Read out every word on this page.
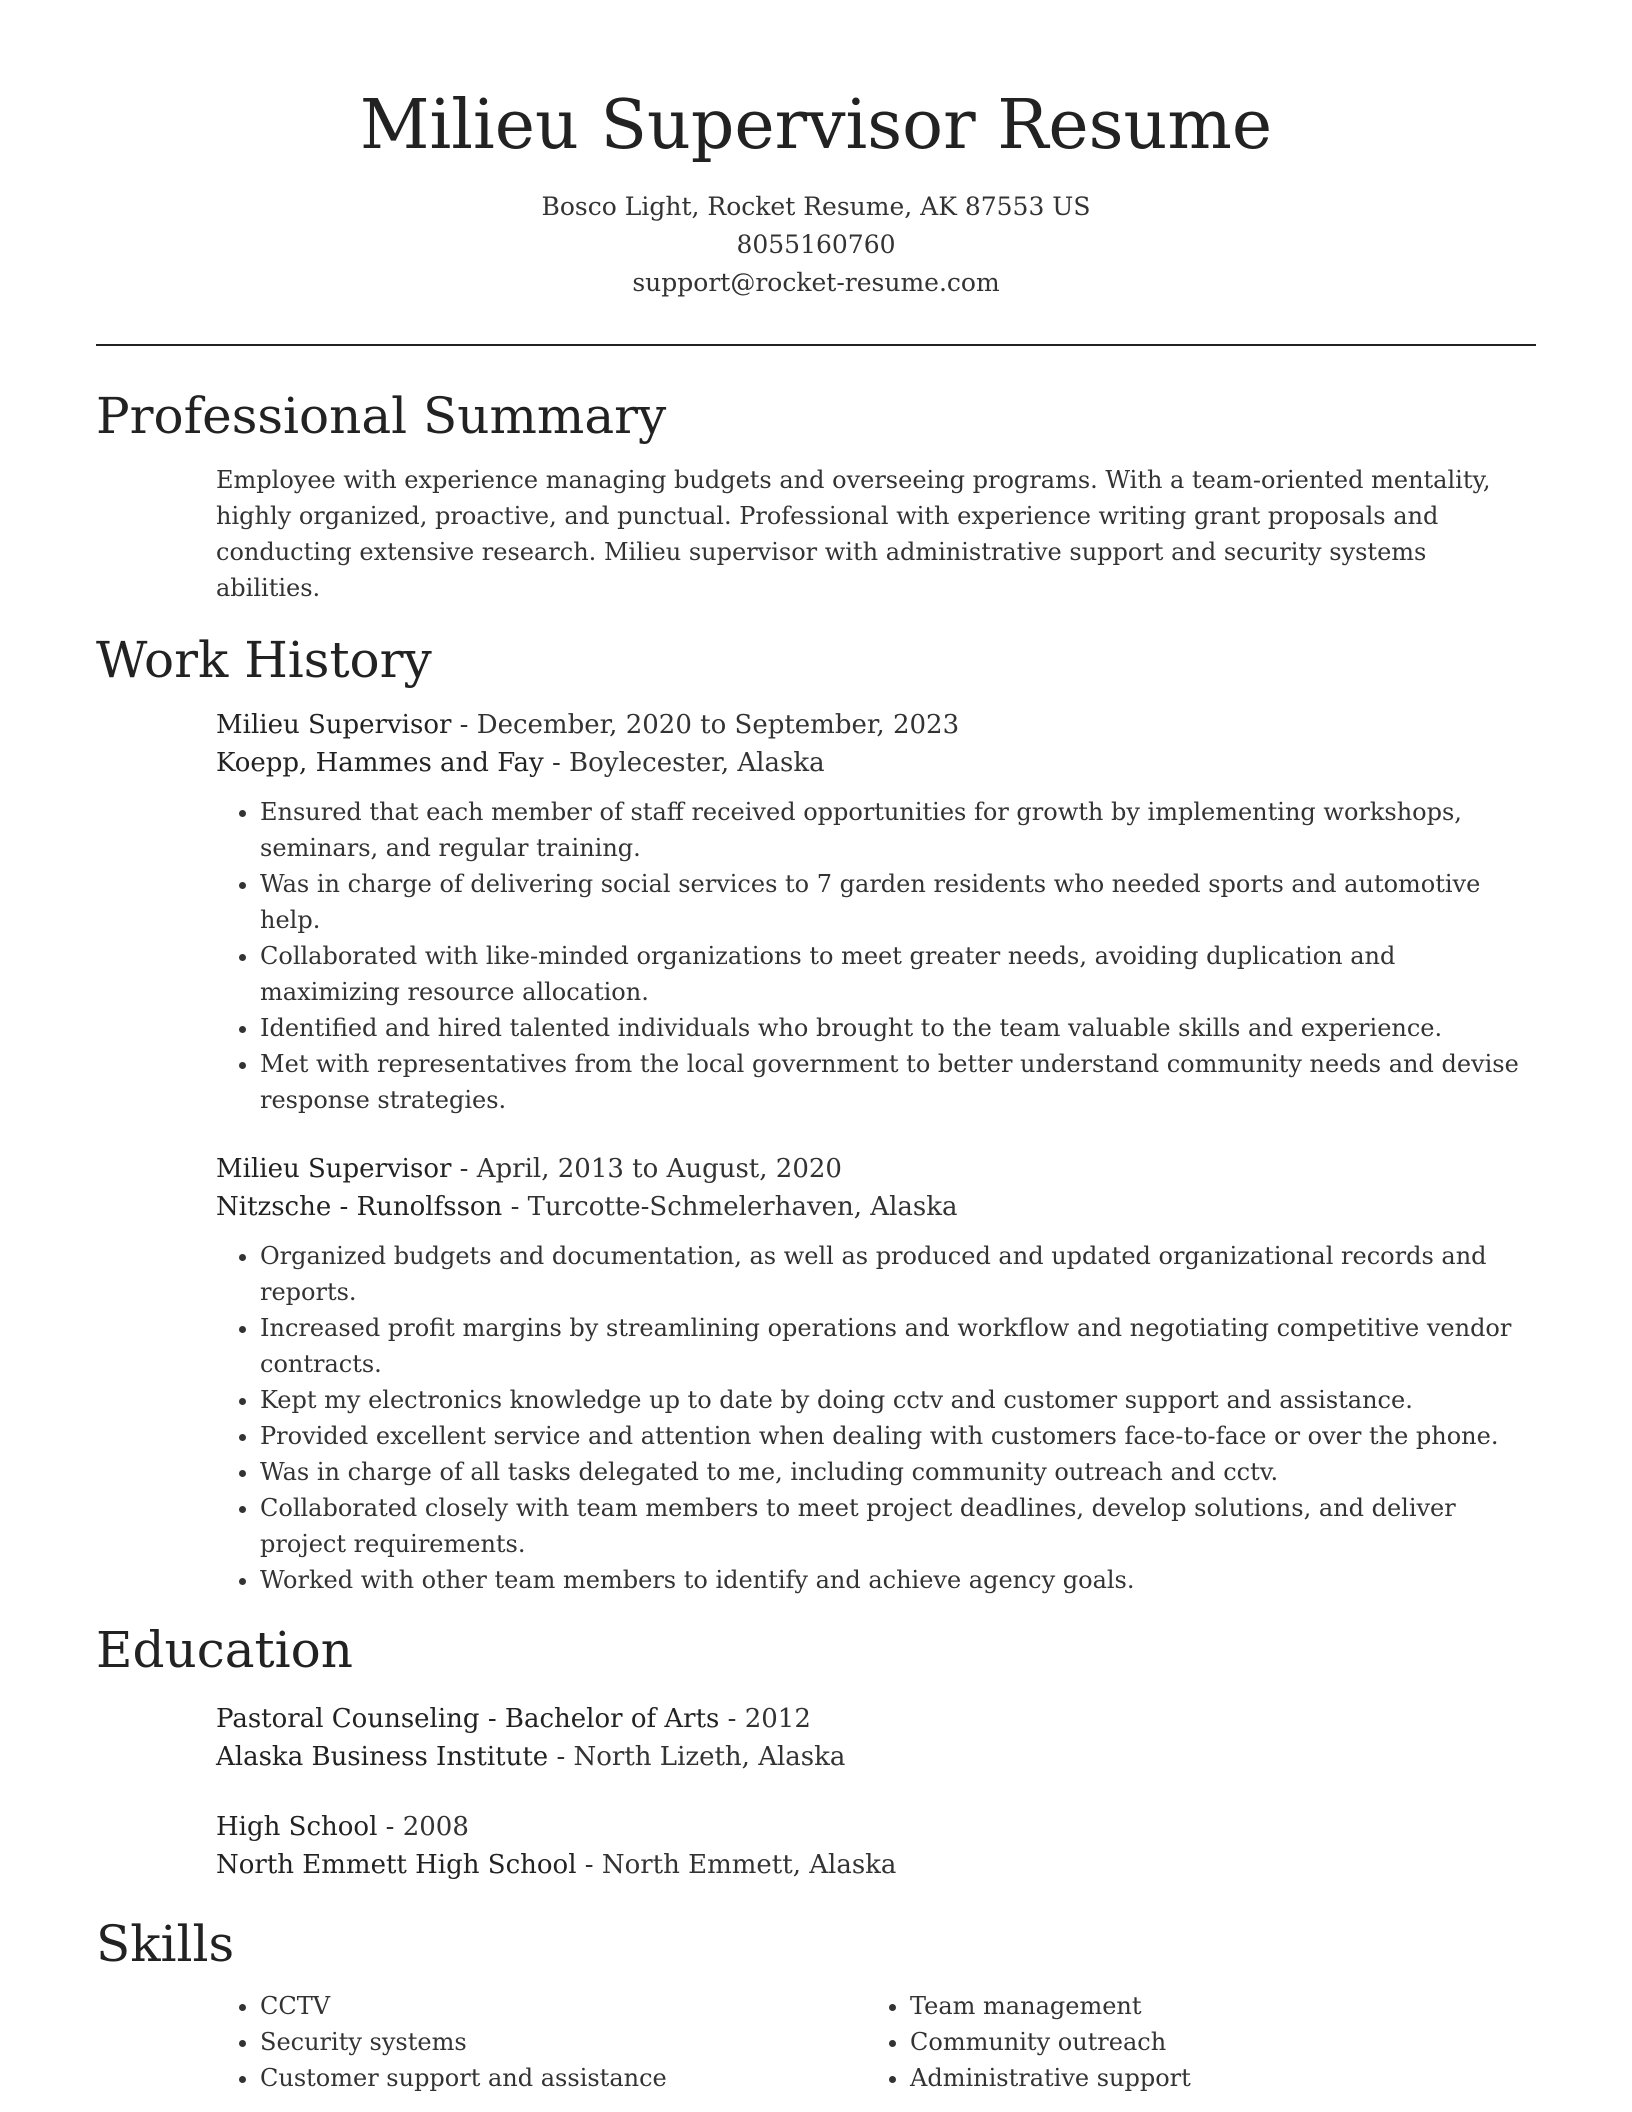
Milieu Supervisor Resume
Bosco Light, Rocket Resume, AK 87553 US
8055160760
support@rocket-resume.com
Professional Summary

Employee with experience managing budgets and overseeing programs. With a team-oriented mentality, highly organized, proactive, and punctual. Professional with experience writing grant proposals and conducting extensive research. Milieu supervisor with administrative support and security systems abilities.

Work History
Milieu Supervisor - December, 2020 to September, 2023
Koepp, Hammes and Fay - Boylecester, Alaska
• Ensured that each member of staff received opportunities for growth by implementing workshops, seminars, and regular training.
• Was in charge of delivering social services to 7 garden residents who needed sports and automotive help.
• Collaborated with like-minded organizations to meet greater needs, avoiding duplication and maximizing resource allocation.
• Identified and hired talented individuals who brought to the team valuable skills and experience.
• Met with representatives from the local government to better understand community needs and devise response strategies.
Milieu Supervisor - April, 2013 to August, 2020
Nitzsche - Runolfsson - Turcotte-Schmelerhaven, Alaska
• Organized budgets and documentation, as well as produced and updated organizational records and reports.
• Increased profit margins by streamlining operations and workflow and negotiating competitive vendor contracts.
• Kept my electronics knowledge up to date by doing cctv and customer support and assistance.
• Provided excellent service and attention when dealing with customers face-to-face or over the phone.
• Was in charge of all tasks delegated to me, including community outreach and cctv.
• Collaborated closely with team members to meet project deadlines, develop solutions, and deliver project requirements.
• Worked with other team members to identify and achieve agency goals.
Education
Pastoral Counseling - Bachelor of Arts - 2012
Alaska Business Institute - North Lizeth, Alaska
High School - 2008
North Emmett High School - North Emmett, Alaska
Skills
• CCTV
• Security systems
• Customer support and assistance
• Team management
• Community outreach
• Administrative support
